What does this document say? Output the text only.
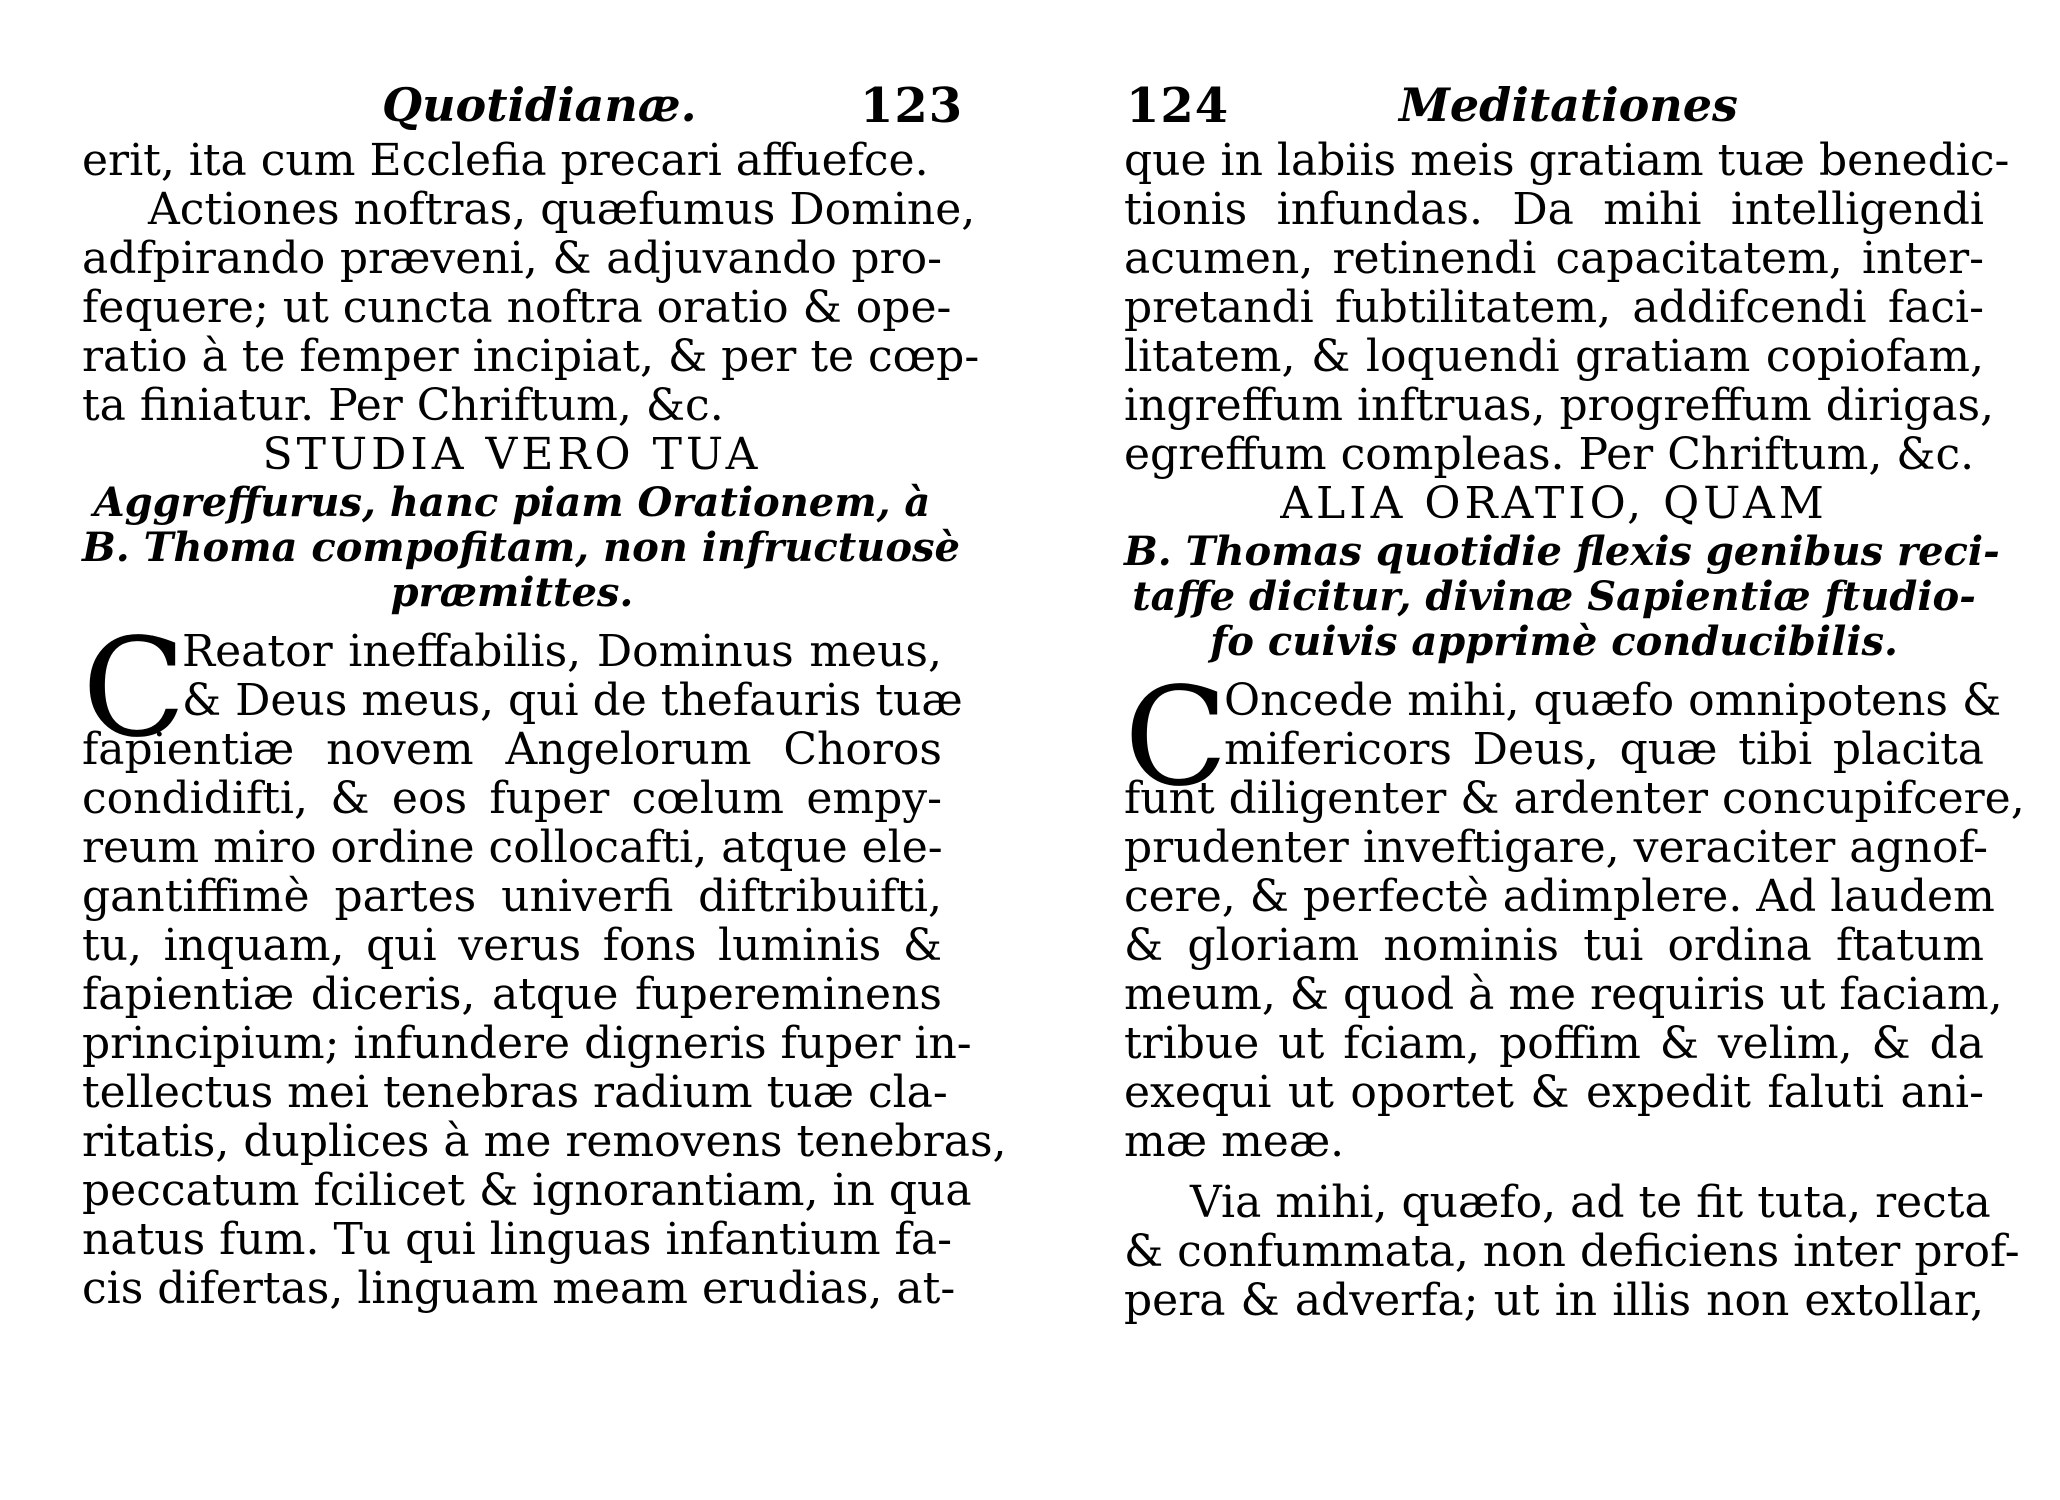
Quotidianæ.	123
erit, ita cum Ecclefia precari affuefce.
Actiones noftras, quæfumus Domine,
adfpirando præveni, & adjuvando pro-
fequere; ut cuncta noftra oratio & ope-
ratio à te femper incipiat, & per te cœp-
ta finiatur. Per Chriftum, &c.
STUDIA VERO TUA
Aggreffurus, hanc piam Orationem, à
B. Thoma compofitam, non infructuosè
præmittes.
C
Reator ineffabilis, Dominus meus,
& Deus meus, qui de thefauris tuæ
fapientiæ novem Angelorum Choros
condidifti, & eos fuper cœlum empy-
reum miro ordine collocafti, atque ele-
gantiffimè partes univerfi diftribuifti,
tu, inquam, qui verus fons luminis &
fapientiæ diceris, atque fupereminens
principium; infundere digneris fuper in-
tellectus mei tenebras radium tuæ cla-
ritatis, duplices à me removens tenebras,
peccatum fcilicet & ignorantiam, in qua
natus fum. Tu qui linguas infantium fa-
cis difertas, linguam meam erudias, at-
124	Meditationes
que in labiis meis gratiam tuæ benedic-
tionis infundas. Da mihi intelligendi
acumen, retinendi capacitatem, inter-
pretandi fubtilitatem, addifcendi faci-
litatem, & loquendi gratiam copiofam,
ingreffum inftruas, progreffum dirigas,
egreffum compleas. Per Chriftum, &c.
ALIA ORATIO, QUAM
B. Thomas quotidie flexis genibus reci-
taffe dicitur, divinæ Sapientiæ ftudio-
fo cuivis apprimè conducibilis.
C
Oncede mihi, quæfo omnipotens &
mifericors Deus, quæ tibi placita
funt diligenter & ardenter concupifcere,
prudenter inveftigare, veraciter agnof-
cere, & perfectè adimplere. Ad laudem
& gloriam nominis tui ordina ftatum
meum, & quod à me requiris ut faciam,
tribue ut fciam, poffim & velim, & da
exequi ut oportet & expedit faluti ani-
mæ meæ.
Via mihi, quæfo, ad te fit tuta, recta
& confummata, non deficiens inter prof-
pera & adverfa; ut in illis non extollar,
